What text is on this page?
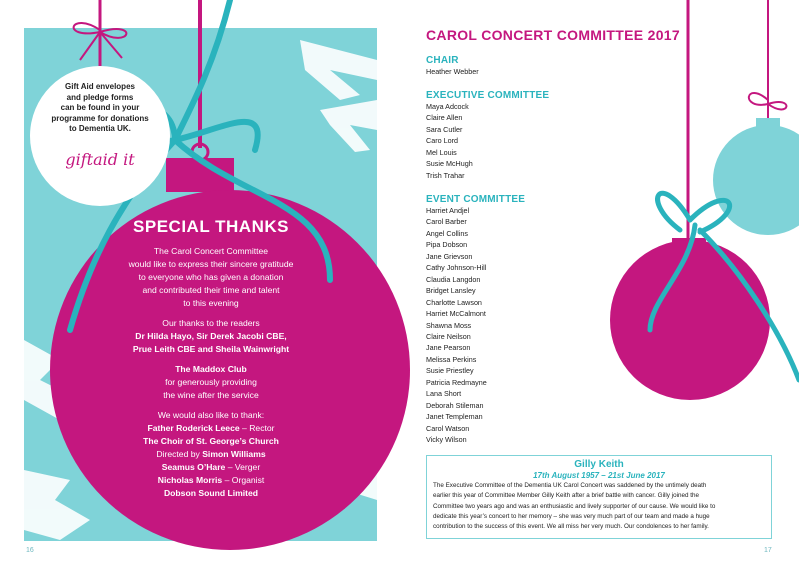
Gift Aid envelopes
and pledge forms
can be found in your
programme for donations
to Dementia UK.
giftaid it
SPECIAL THANKS

The Carol Concert Committee

would like to express their sincere gratitude

to everyone who has given a donation

and contributed their time and talent

to this evening

Our thanks to the readers

Dr Hilda Hayo, Sir Derek Jacobi CBE,

Prue Leith CBE and Sheila Wainwright

The Maddox Club

for generously providing

the wine after the service

We would also like to thank:

Father Roderick Leece – Rector

The Choir of St. George’s Church

Directed by Simon Williams

Seamus O’Hare – Verger

Nicholas Morris – Organist

Dobson Sound Limited

16
CAROL CONCERT COMMITTEE 2017
CHAIR
Heather Webber
EXECUTIVE COMMITTEE
Maya Adcock
Claire Allen
Sara Cutler
Caro Lord
Mel Louis
Susie McHugh
Trish Trahar
EVENT COMMITTEE
Harriet Andjel
Carol Barber
Angel Collins
Pipa Dobson
Jane Grievson
Cathy Johnson-Hill
Claudia Langdon
Bridget Lansley
Charlotte Lawson
Harriet McCalmont
Shawna Moss
Claire Neilson
Jane Pearson
Melissa Perkins
Susie Priestley
Patricia Redmayne
Lana Short
Deborah Stileman
Janet Templeman
Carol Watson
Vicky Wilson
Gilly Keith
17th August 1957 – 21st June 2017
The Executive Committee of the Dementia UK Carol Concert was saddened by the untimely death
earlier this year of Committee Member Gilly Keith after a brief battle with cancer. Gilly joined the
Committee two years ago and was an enthusiastic and lively supporter of our cause. We would like to
dedicate this year’s concert to her memory – she was very much part of our team and made a huge
contribution to the success of this event. We all miss her very much. Our condolences to her family.
17
